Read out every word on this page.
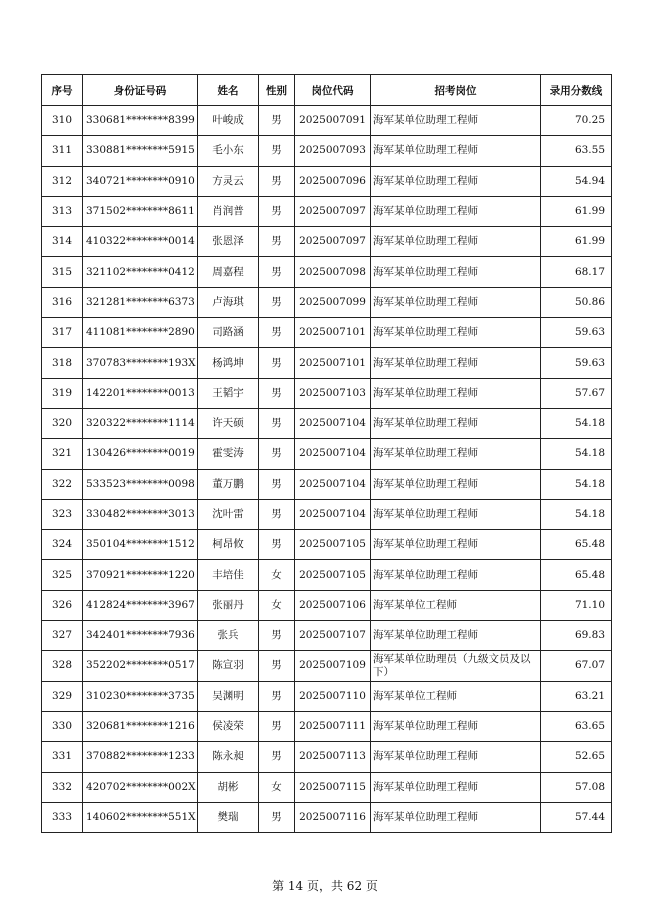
序号	身份证号码	姓名	性别	岗位代码	招考岗位	录用分数线
310	330681********8399	叶峻成	男	2025007091	海军某单位助理工程师	70.25
311	330881********5915	毛小东	男	2025007093	海军某单位助理工程师	63.55
312	340721********0910	方灵云	男	2025007096	海军某单位助理工程师	54.94
313	371502********8611	肖润普	男	2025007097	海军某单位助理工程师	61.99
314	410322********0014	张恩泽	男	2025007097	海军某单位助理工程师	61.99
315	321102********0412	周嘉程	男	2025007098	海军某单位助理工程师	68.17
316	321281********6373	卢海琪	男	2025007099	海军某单位助理工程师	50.86
317	411081********2890	司路涵	男	2025007101	海军某单位助理工程师	59.63
318	370783********193X	杨鸿坤	男	2025007101	海军某单位助理工程师	59.63
319	142201********0013	王韬宇	男	2025007103	海军某单位助理工程师	57.67
320	320322********1114	许天硕	男	2025007104	海军某单位助理工程师	54.18
321	130426********0019	霍雯涛	男	2025007104	海军某单位助理工程师	54.18
322	533523********0098	董万鹏	男	2025007104	海军某单位助理工程师	54.18
323	330482********3013	沈叶雷	男	2025007104	海军某单位助理工程师	54.18
324	350104********1512	柯昂攸	男	2025007105	海军某单位助理工程师	65.48
325	370921********1220	丰培佳	女	2025007105	海军某单位助理工程师	65.48
326	412824********3967	张丽丹	女	2025007106	海军某单位工程师	71.10
327	342401********7936	张兵	男	2025007107	海军某单位助理工程师	69.83
328	352202********0517	陈宣羽	男	2025007109	海军某单位助理员（九级文员及以下）	67.07
329	310230********3735	吴渊明	男	2025007110	海军某单位工程师	63.21
330	320681********1216	侯凌荣	男	2025007111	海军某单位助理工程师	63.65
331	370882********1233	陈永昶	男	2025007113	海军某单位助理工程师	52.65
332	420702********002X	胡彬	女	2025007115	海军某单位助理工程师	57.08
333	140602********551X	樊瑞	男	2025007116	海军某单位助理工程师	57.44
第 14 页，共 62 页
